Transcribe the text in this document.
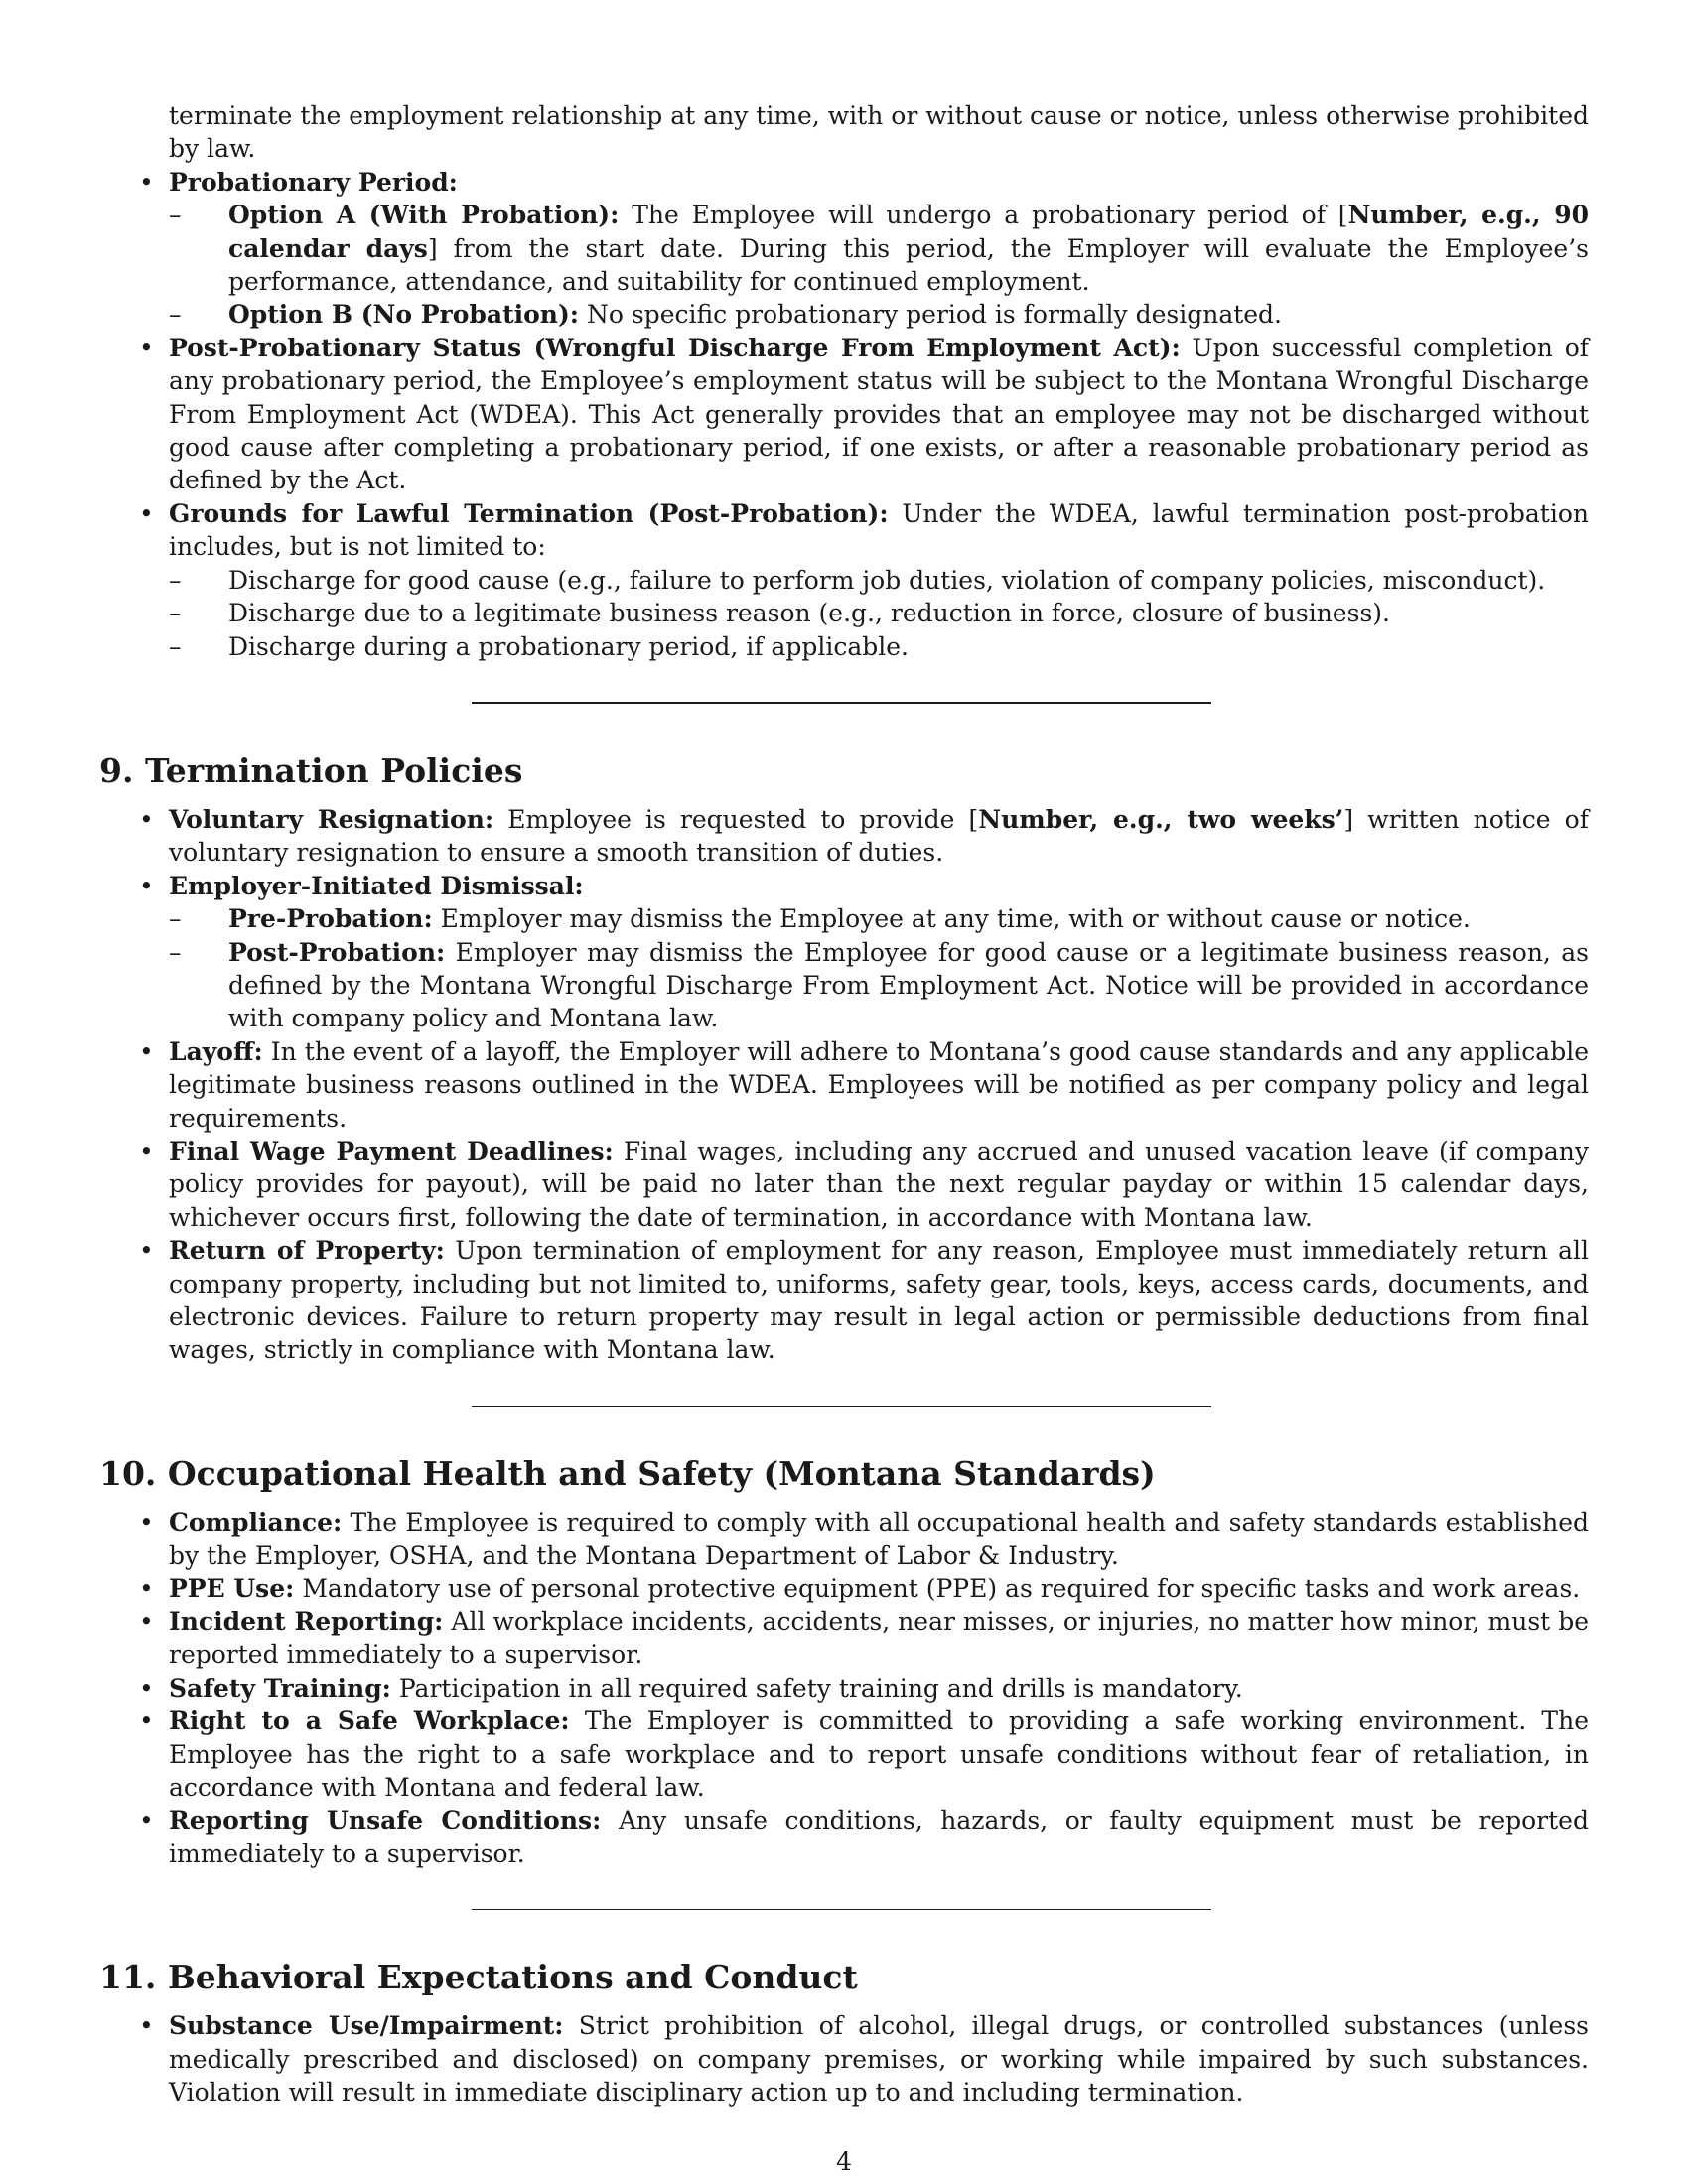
terminate the employment relationship at any time, with or without cause or notice, unless otherwise prohibited by law.

• Probationary Period:
– Option A (With Probation): The Employee will undergo a probationary period of [Number, e.g., 90 calendar days] from the start date. During this period, the Employer will evaluate the Employee’s performance, attendance, and suitability for continued employment.
– Option B (No Probation): No specific probationary period is formally designated.
• Post-Probationary Status (Wrongful Discharge From Employment Act): Upon successful completion of any probationary period, the Employee’s employment status will be subject to the Montana Wrongful Discharge From Employment Act (WDEA). This Act generally provides that an employee may not be discharged without good cause after completing a probationary period, if one exists, or after a reasonable probationary period as defined by the Act.
• Grounds for Lawful Termination (Post-Probation): Under the WDEA, lawful termination post-probation includes, but is not limited to:
– Discharge for good cause (e.g., failure to perform job duties, violation of company policies, misconduct).
– Discharge due to a legitimate business reason (e.g., reduction in force, closure of business).
– Discharge during a probationary period, if applicable.
9. Termination Policies
• Voluntary Resignation: Employee is requested to provide [Number, e.g., two weeks’] written notice of voluntary resignation to ensure a smooth transition of duties.
• Employer-Initiated Dismissal:
– Pre-Probation: Employer may dismiss the Employee at any time, with or without cause or notice.
– Post-Probation: Employer may dismiss the Employee for good cause or a legitimate business reason, as defined by the Montana Wrongful Discharge From Employment Act. Notice will be provided in accordance with company policy and Montana law.
• Layoff: In the event of a layoff, the Employer will adhere to Montana’s good cause standards and any applicable legitimate business reasons outlined in the WDEA. Employees will be notified as per company policy and legal requirements.
• Final Wage Payment Deadlines: Final wages, including any accrued and unused vacation leave (if company policy provides for payout), will be paid no later than the next regular payday or within 15 calendar days, whichever occurs first, following the date of termination, in accordance with Montana law.
• Return of Property: Upon termination of employment for any reason, Employee must immediately return all company property, including but not limited to, uniforms, safety gear, tools, keys, access cards, documents, and electronic devices. Failure to return property may result in legal action or permissible deductions from final wages, strictly in compliance with Montana law.
10. Occupational Health and Safety (Montana Standards)
• Compliance: The Employee is required to comply with all occupational health and safety standards established by the Employer, OSHA, and the Montana Department of Labor & Industry.
• PPE Use: Mandatory use of personal protective equipment (PPE) as required for specific tasks and work areas.
• Incident Reporting: All workplace incidents, accidents, near misses, or injuries, no matter how minor, must be reported immediately to a supervisor.
• Safety Training: Participation in all required safety training and drills is mandatory.
• Right to a Safe Workplace: The Employer is committed to providing a safe working environment. The Employee has the right to a safe workplace and to report unsafe conditions without fear of retaliation, in accordance with Montana and federal law.
• Reporting Unsafe Conditions: Any unsafe conditions, hazards, or faulty equipment must be reported immediately to a supervisor.
11. Behavioral Expectations and Conduct
• Substance Use/Impairment: Strict prohibition of alcohol, illegal drugs, or controlled substances (unless medically prescribed and disclosed) on company premises, or working while impaired by such substances. Violation will result in immediate disciplinary action up to and including termination.
4
